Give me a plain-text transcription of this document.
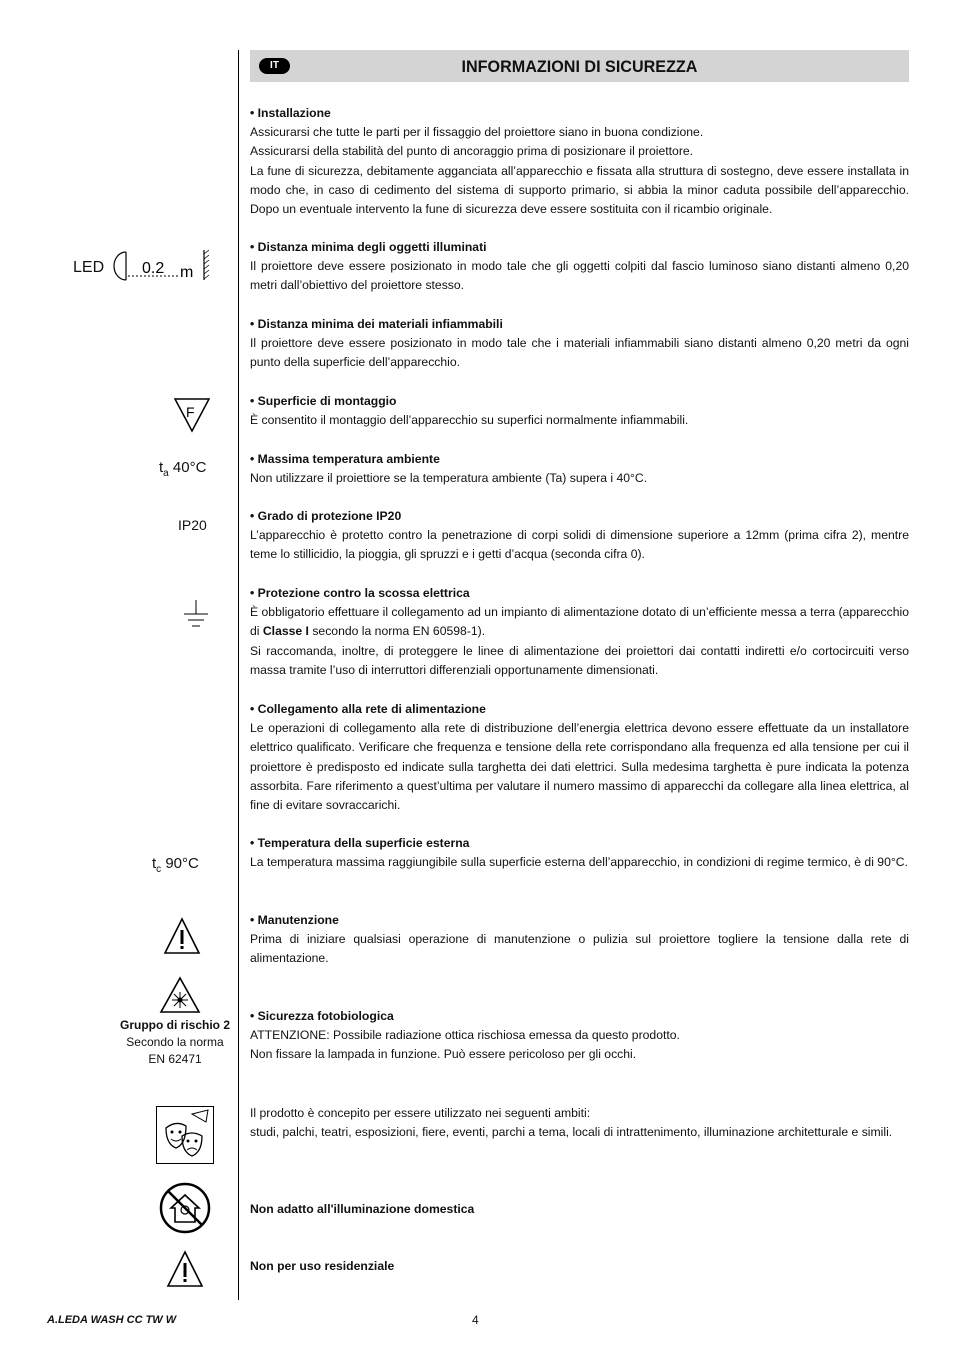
IT	INFORMAZIONI DI SICUREZZA
• Installazione

Assicurarsi che tutte le parti per il fissaggio del proiettore siano in buona condizione.

Assicurarsi della stabilità del punto di ancoraggio prima di posizionare il proiettore.

La fune di sicurezza, debitamente agganciata all’apparecchio e fissata alla struttura di sostegno, deve essere installata in modo che, in caso di cedimento del sistema di supporto primario, si abbia la minor caduta possibile dell’apparecchio. Dopo un eventuale intervento la fune di sicurezza deve essere sostituita con il ricambio originale.

• Distanza minima degli oggetti illuminati

Il proiettore deve essere posizionato in modo tale che gli oggetti colpiti dal fascio luminoso siano distanti almeno 0,20 metri dall’obiettivo del proiettore stesso.

• Distanza minima dei materiali infiammabili

Il proiettore deve essere posizionato in modo tale che i materiali infiammabili siano distanti almeno 0,20 metri da ogni punto della superficie dell’apparecchio.

• Superficie di montaggio

È consentito il montaggio dell’apparecchio su superfici normalmente infiammabili.

• Massima temperatura ambiente

Non utilizzare il proiettiore se la temperatura ambiente (Ta) supera i 40°C.

• Grado di protezione IP20

L’apparecchio è protetto contro la penetrazione di corpi solidi di dimensione superiore a 12mm (prima cifra 2), mentre teme lo stillicidio, la pioggia, gli spruzzi e i getti d’acqua (seconda cifra 0).

• Protezione contro la scossa elettrica

È obbligatorio effettuare il collegamento ad un impianto di alimentazione dotato di un’efficiente messa a terra (apparecchio di Classe I secondo la norma EN 60598-1).

Si raccomanda, inoltre, di proteggere le linee di alimentazione dei proiettori dai contatti indiretti e/o cortocircuiti verso massa tramite l’uso di interruttori differenziali opportunamente dimensionati.

• Collegamento alla rete di alimentazione

Le operazioni di collegamento alla rete di distribuzione dell’energia elettrica devono essere effettuate da un installatore elettrico qualificato. Verificare che frequenza e tensione della rete corrispondano alla frequenza ed alla tensione per cui il proiettore è predisposto ed indicate sulla targhetta dei dati elettrici. Sulla medesima targhetta è pure indicata la potenza assorbita. Fare riferimento a quest’ultima per valutare il numero massimo di apparecchi da collegare alla linea elettrica, al fine di evitare sovraccarichi.

• Temperatura della superficie esterna

La temperatura massima raggiungibile sulla superficie esterna dell’apparecchio, in condizioni di regime termico, è di 90°C.

• Manutenzione

Prima di iniziare qualsiasi operazione di manutenzione o pulizia sul proiettore togliere la tensione dalla rete di alimentazione.

• Sicurezza fotobiologica

ATTENZIONE: Possibile radiazione ottica rischiosa emessa da questo prodotto.

Non fissare la lampada in funzione. Può essere pericoloso per gli occhi.

Il prodotto è concepito per essere utilizzato nei seguenti ambiti:

studi, palchi, teatri, esposizioni, fiere, eventi, parchi a tema, locali di intrattenimento, illuminazione architetturale e simili.

Non adatto all'illuminazione domestica
Non per uso residenziale
LED 0.2 m
F
$t_a$ 40°C
IP20
$t_c$ 90°C
Gruppo di rischio 2
Secondo la norma
EN 62471
A.LEDA WASH CC TW W	4
